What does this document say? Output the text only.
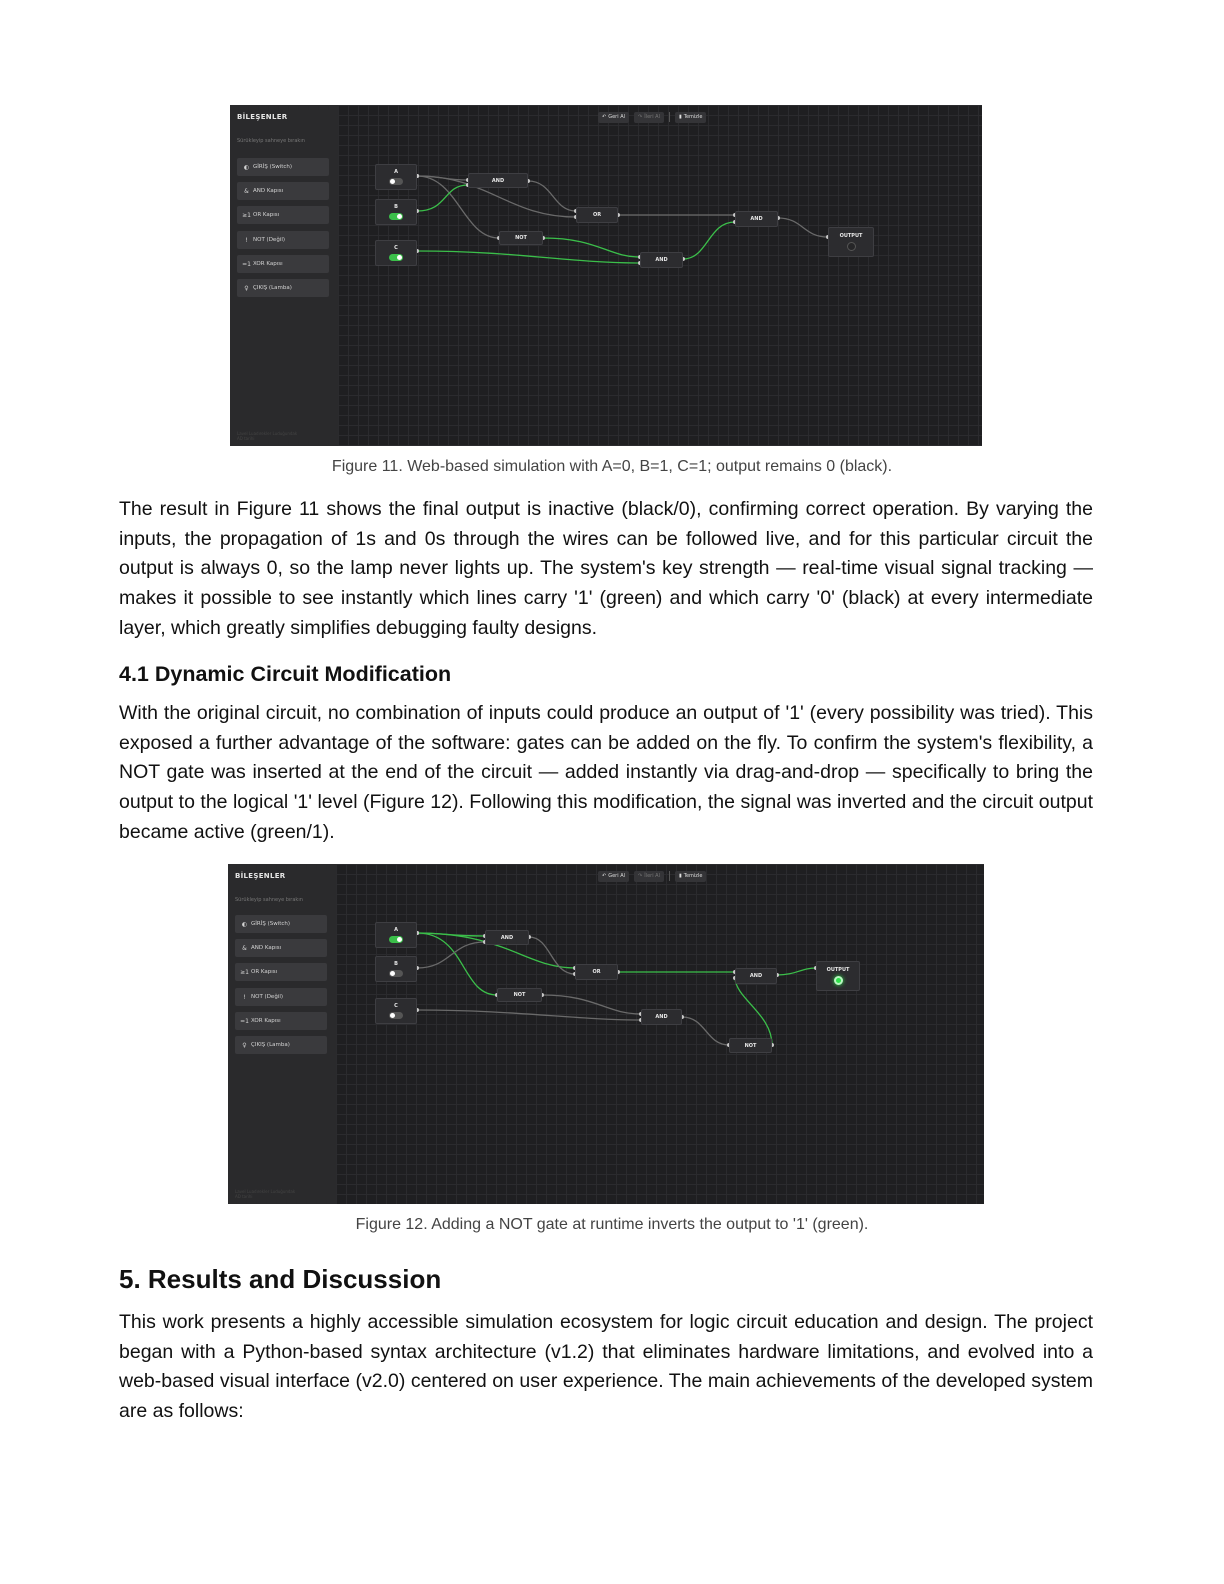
BİLEŞENLER
Sürükleyip sahneye bırakın
◐ GİRİŞ (Switch)
& AND Kapısı
≥1 OR Kapısı
! NOT (Değil)
=1 XOR Kapısı
♀ ÇIKIŞ (Lamba)
Lavel Luadırekler Luduğundak
AD tarihi
↶ Geri Al	↷ İleri Al	▮ Temizle
A
B
C
AND
OR
NOT
AND
AND
OUTPUT
Figure 11. Web-based simulation with A=0, B=1, C=1; output remains 0 (black).

The result in Figure 11 shows the final output is inactive (black/0), confirming correct operation. By varying the inputs, the propagation of 1s and 0s through the wires can be followed live, and for this particular circuit the output is always 0, so the lamp never lights up. The system's key strength — real-time visual signal tracking — makes it possible to see instantly which lines carry '1' (green) and which carry '0' (black) at every intermediate layer, which greatly simplifies debugging faulty designs.

4.1 Dynamic Circuit Modification

With the original circuit, no combination of inputs could produce an output of '1' (every possibility was tried). This exposed a further advantage of the software: gates can be added on the fly. To confirm the system's flexibility, a NOT gate was inserted at the end of the circuit — added instantly via drag-and-drop — specifically to bring the output to the logical '1' level (Figure 12). Following this modification, the signal was inverted and the circuit output became active (green/1).

BİLEŞENLER
Sürükleyip sahneye bırakın
◐ GİRİŞ (Switch)
& AND Kapısı
≥1 OR Kapısı
! NOT (Değil)
=1 XOR Kapısı
♀ ÇIKIŞ (Lamba)
Lavel Luadırekler Luduğundak
AD tarihi
↶ Geri Al	↷ İleri Al	▮ Temizle
A
B
C
AND
OR
NOT
AND
AND
NOT
OUTPUT
Figure 12. Adding a NOT gate at runtime inverts the output to '1' (green).
5. Results and Discussion

This work presents a highly accessible simulation ecosystem for logic circuit education and design. The project began with a Python-based syntax architecture (v1.2) that eliminates hardware limitations, and evolved into a web-based visual interface (v2.0) centered on user experience. The main achievements of the developed system are as follows:
